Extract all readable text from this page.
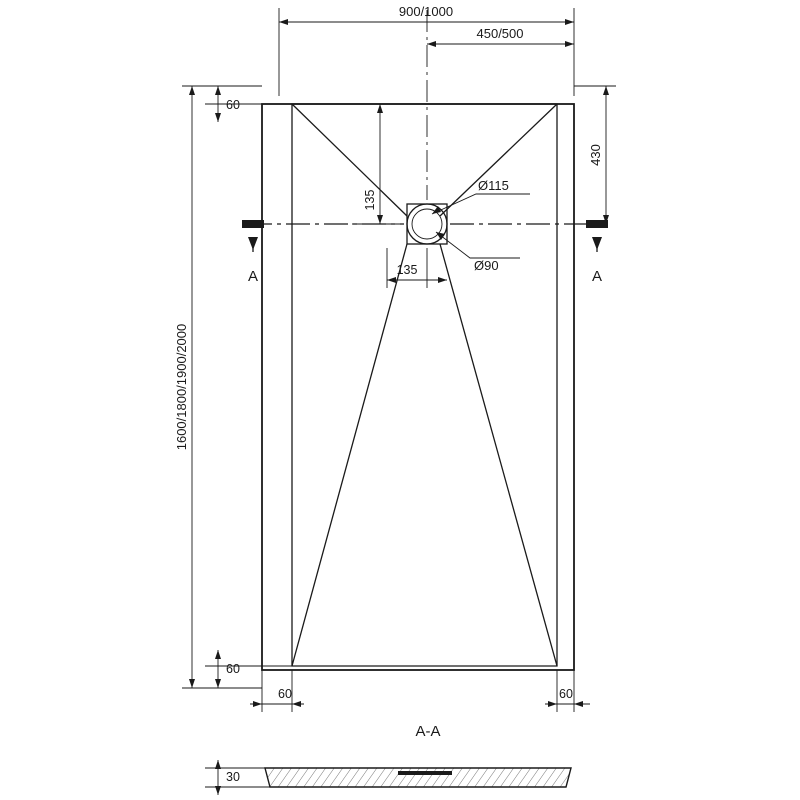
A	A
900/1000
450/500
60
1600/1800/1900/2000
60
430
135
135
Ø115
Ø90
60	60
A-A
30
